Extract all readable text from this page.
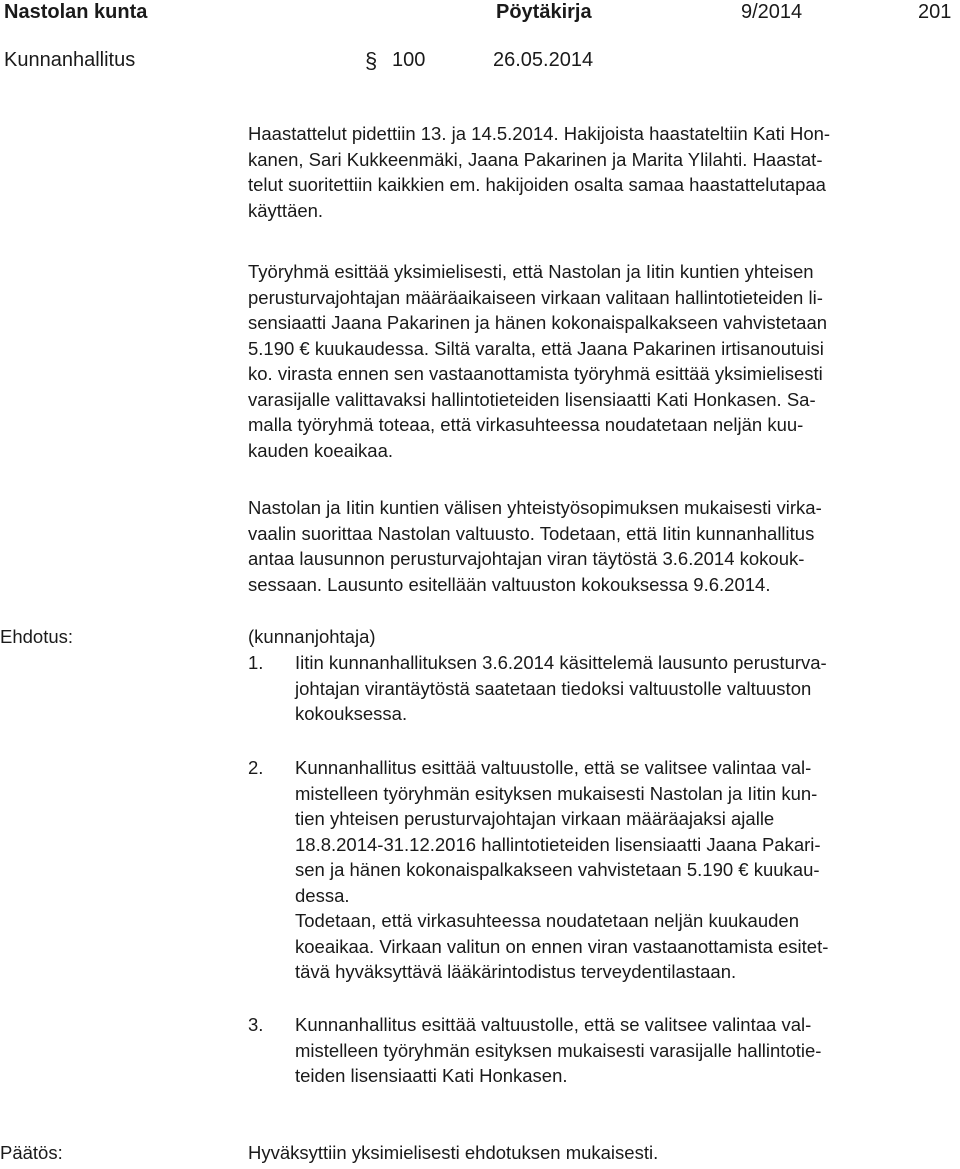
Nastolan kunta	Pöytäkirja	9/2014	201
Kunnanhallitus	§ 100	26.05.2014
Haastattelut pidettiin 13. ja 14.5.2014. Hakijoista haastateltiin Kati Hon-
kanen, Sari Kukkeenmäki, Jaana Pakarinen ja Marita Ylilahti. Haastat-
telut suoritettiin kaikkien em. hakijoiden osalta samaa haastattelutapaa
käyttäen.
Työryhmä esittää yksimielisesti, että Nastolan ja Iitin kuntien yhteisen
perusturvajohtajan määräaikaiseen virkaan valitaan hallintotieteiden li-
sensiaatti Jaana Pakarinen ja hänen kokonaispalkakseen vahvistetaan
5.190 € kuukaudessa. Siltä varalta, että Jaana Pakarinen irtisanoutuisi
ko. virasta ennen sen vastaanottamista työryhmä esittää yksimielisesti
varasijalle valittavaksi hallintotieteiden lisensiaatti Kati Honkasen. Sa-
malla työryhmä toteaa, että virkasuhteessa noudatetaan neljän kuu-
kauden koeaikaa.
Nastolan ja Iitin kuntien välisen yhteistyösopimuksen mukaisesti virka-
vaalin suorittaa Nastolan valtuusto. Todetaan, että Iitin kunnanhallitus
antaa lausunnon perusturvajohtajan viran täytöstä 3.6.2014 kokouk-
sessaan. Lausunto esitellään valtuuston kokouksessa 9.6.2014.
Ehdotus:	(kunnanjohtaja)
1.	Iitin kunnanhallituksen 3.6.2014 käsittelemä lausunto perusturva-
johtajan virantäytöstä saatetaan tiedoksi valtuustolle valtuuston
kokouksessa.
2.	Kunnanhallitus esittää valtuustolle, että se valitsee valintaa val-
mistelleen työryhmän esityksen mukaisesti Nastolan ja Iitin kun-
tien yhteisen perusturvajohtajan virkaan määräajaksi ajalle
18.8.2014-31.12.2016 hallintotieteiden lisensiaatti Jaana Pakari-
sen ja hänen kokonaispalkakseen vahvistetaan 5.190 € kuukau-
dessa.
Todetaan, että virkasuhteessa noudatetaan neljän kuukauden
koeaikaa. Virkaan valitun on ennen viran vastaanottamista esitet-
tävä hyväksyttävä lääkärintodistus terveydentilastaan.
3.	Kunnanhallitus esittää valtuustolle, että se valitsee valintaa val-
mistelleen työryhmän esityksen mukaisesti varasijalle hallintotie-
teiden lisensiaatti Kati Honkasen.
Päätös:	Hyväksyttiin yksimielisesti ehdotuksen mukaisesti.
